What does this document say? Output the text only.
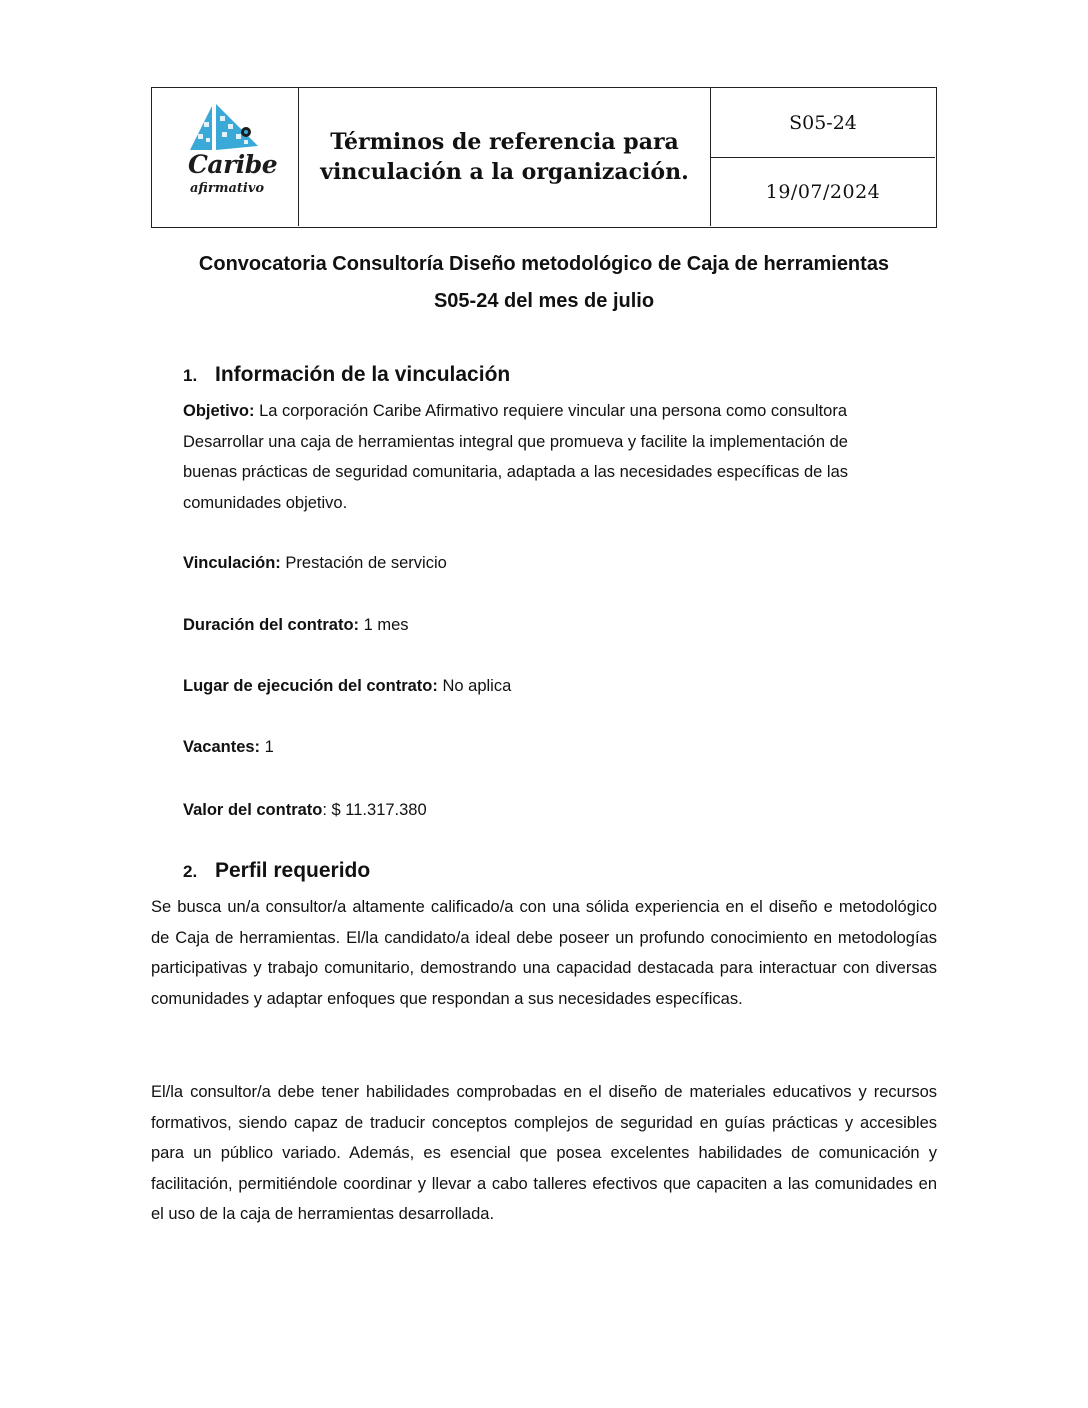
Caribe
afirmativo
Términos de referencia para
vinculación a la organización.
S05-24
19/07/2024
Convocatoria Consultoría Diseño metodológico de Caja de herramientas
S05-24 del mes de julio
1. Información de la vinculación
Objetivo: La corporación Caribe Afirmativo requiere vincular una persona como consultora
Desarrollar una caja de herramientas integral que promueva y facilite la implementación de
buenas prácticas de seguridad comunitaria, adaptada a las necesidades específicas de las
comunidades objetivo.
Vinculación: Prestación de servicio
Duración del contrato: 1 mes
Lugar de ejecución del contrato: No aplica
Vacantes: 1
Valor del contrato: $ 11.317.380
2. Perfil requerido
Se busca un/a consultor/a altamente calificado/a con una sólida experiencia en el diseño e metodológico de Caja de herramientas. El/la candidato/a ideal debe poseer un profundo conocimiento en metodologías participativas y trabajo comunitario, demostrando una capacidad destacada para interactuar con diversas comunidades y adaptar enfoques que respondan a sus necesidades específicas.
El/la consultor/a debe tener habilidades comprobadas en el diseño de materiales educativos y recursos formativos, siendo capaz de traducir conceptos complejos de seguridad en guías prácticas y accesibles para un público variado. Además, es esencial que posea excelentes habilidades de comunicación y facilitación, permitiéndole coordinar y llevar a cabo talleres efectivos que capaciten a las comunidades en el uso de la caja de herramientas desarrollada.
